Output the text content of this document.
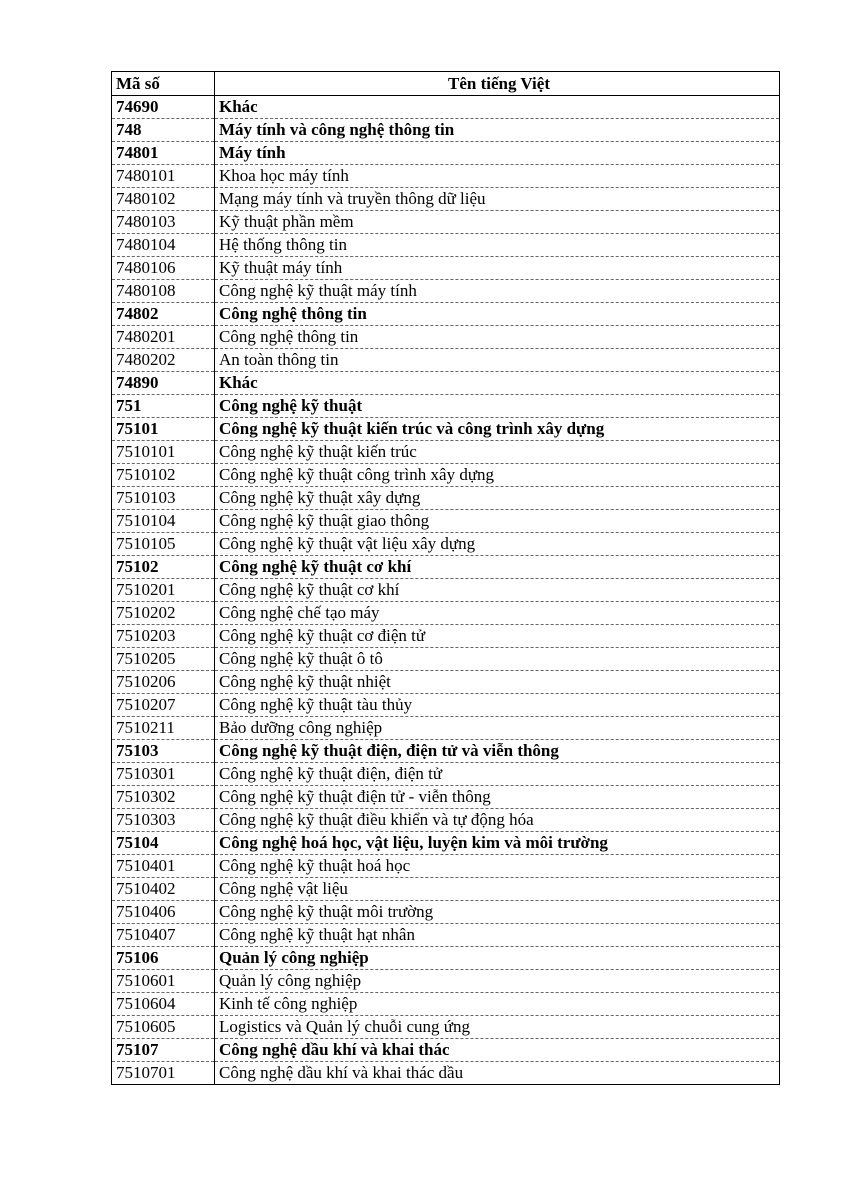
Mã số	Tên tiếng Việt
74690	Khác
748	Máy tính và công nghệ thông tin
74801	Máy tính
7480101	Khoa học máy tính
7480102	Mạng máy tính và truyền thông dữ liệu
7480103	Kỹ thuật phần mềm
7480104	Hệ thống thông tin
7480106	Kỹ thuật máy tính
7480108	Công nghệ kỹ thuật máy tính
74802	Công nghệ thông tin
7480201	Công nghệ thông tin
7480202	An toàn thông tin
74890	Khác
751	Công nghệ kỹ thuật
75101	Công nghệ kỹ thuật kiến trúc và công trình xây dựng
7510101	Công nghệ kỹ thuật kiến trúc
7510102	Công nghệ kỹ thuật công trình xây dựng
7510103	Công nghệ kỹ thuật xây dựng
7510104	Công nghệ kỹ thuật giao thông
7510105	Công nghệ kỹ thuật vật liệu xây dựng
75102	Công nghệ kỹ thuật cơ khí
7510201	Công nghệ kỹ thuật cơ khí
7510202	Công nghệ chế tạo máy
7510203	Công nghệ kỹ thuật cơ điện tử
7510205	Công nghệ kỹ thuật ô tô
7510206	Công nghệ kỹ thuật nhiệt
7510207	Công nghệ kỹ thuật tàu thủy
7510211	Bảo dưỡng công nghiệp
75103	Công nghệ kỹ thuật điện, điện tử và viễn thông
7510301	Công nghệ kỹ thuật điện, điện tử
7510302	Công nghệ kỹ thuật điện tử - viễn thông
7510303	Công nghệ kỹ thuật điều khiển và tự động hóa
75104	Công nghệ hoá học, vật liệu, luyện kim và môi trường
7510401	Công nghệ kỹ thuật hoá học
7510402	Công nghệ vật liệu
7510406	Công nghệ kỹ thuật môi trường
7510407	Công nghệ kỹ thuật hạt nhân
75106	Quản lý công nghiệp
7510601	Quản lý công nghiệp
7510604	Kinh tế công nghiệp
7510605	Logistics và Quản lý chuỗi cung ứng
75107	Công nghệ dầu khí và khai thác
7510701	Công nghệ dầu khí và khai thác dầu
